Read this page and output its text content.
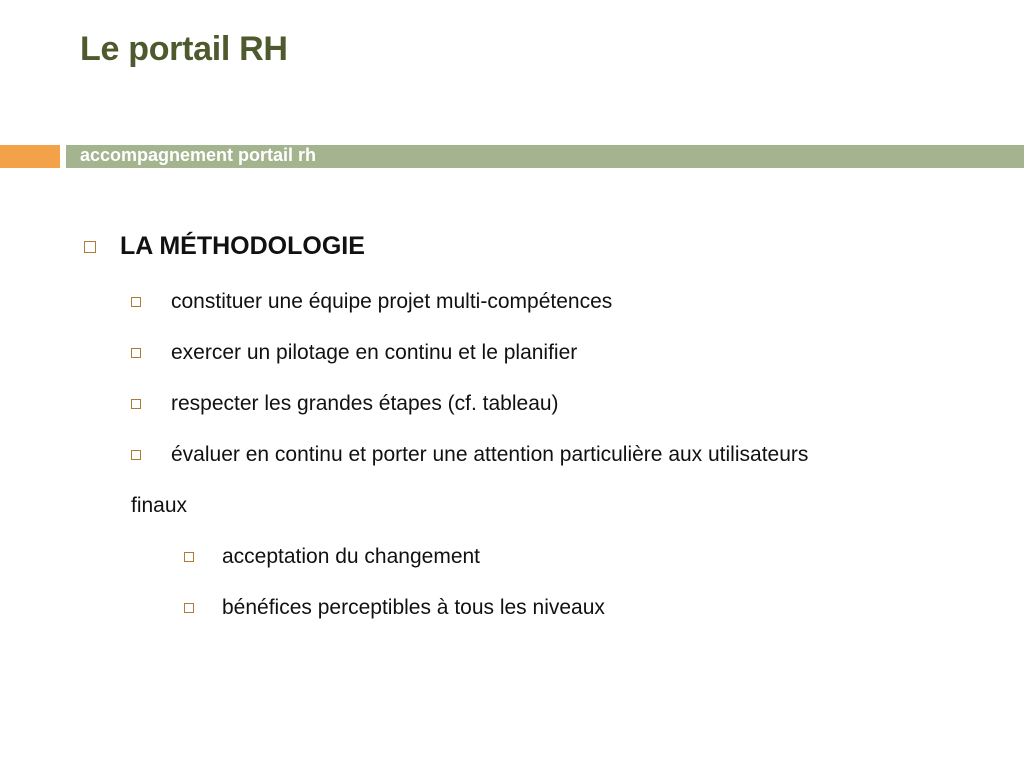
Le portail RH
accompagnement portail rh
LA MÉTHODOLOGIE
constituer une équipe projet multi-compétences
exercer un pilotage en continu et le planifier
respecter les grandes étapes (cf. tableau)
évaluer en continu et porter une attention particulière aux utilisateurs
finaux
acceptation du changement
bénéfices perceptibles à tous les niveaux
